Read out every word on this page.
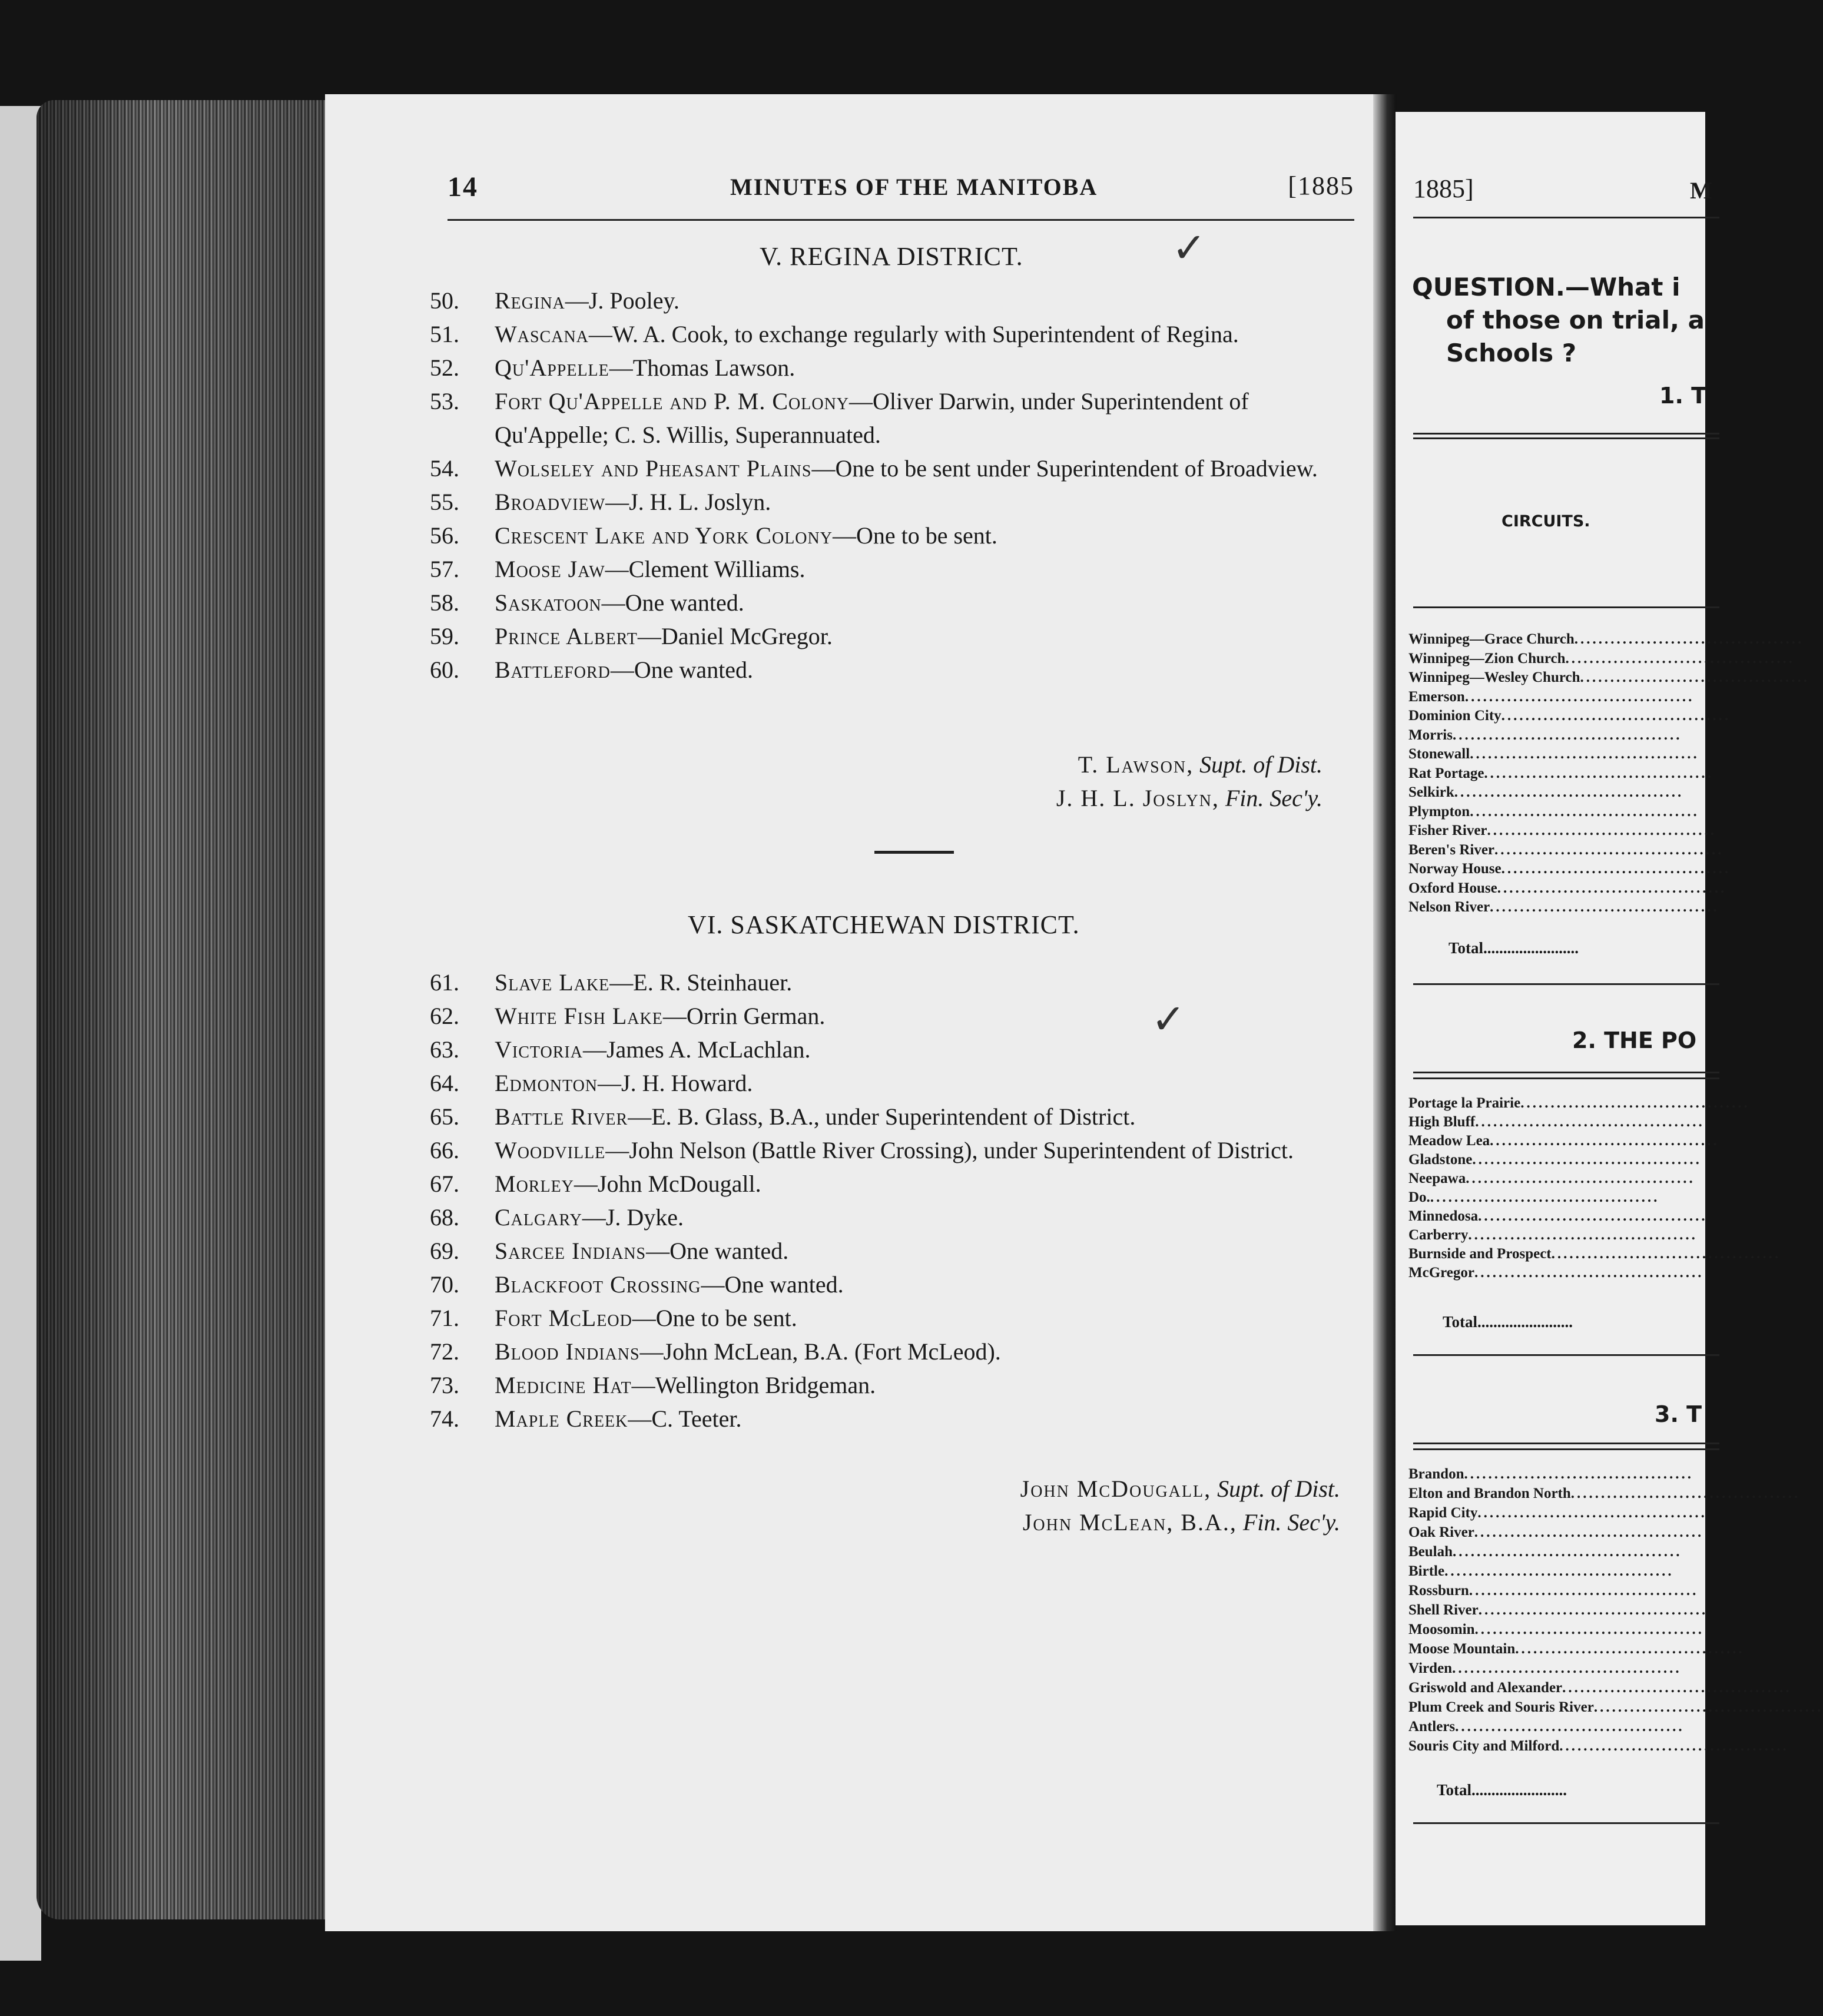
14	MINUTES OF THE MANITOBA	[1885
V. REGINA DISTRICT.	✓
50. Regina—J. Pooley.
51. Wascana—W. A. Cook, to exchange regularly with Superintendent of Regina.
52. Qu'Appelle—Thomas Lawson.
53. Fort Qu'Appelle and P. M. Colony—Oliver Darwin, under Superintendent of Qu'Appelle; C. S. Willis, Superannuated.
54. Wolseley and Pheasant Plains—One to be sent under Superintendent of Broadview.
55. Broadview—J. H. L. Joslyn.
56. Crescent Lake and York Colony—One to be sent.
57. Moose Jaw—Clement Williams.
58. Saskatoon—One wanted.
59. Prince Albert—Daniel McGregor.
60. Battleford—One wanted.
T. Lawson, Supt. of Dist.
J. H. L. Joslyn, Fin. Sec'y.
VI. SASKATCHEWAN DISTRICT.
✓
61. Slave Lake—E. R. Steinhauer.
62. White Fish Lake—Orrin German.
63. Victoria—James A. McLachlan.
64. Edmonton—J. H. Howard.
65. Battle River—E. B. Glass, B.A., under Superintendent of District.
66. Woodville—John Nelson (Battle River Crossing), under Superintendent of District.
67. Morley—John McDougall.
68. Calgary—J. Dyke.
69. Sarcee Indians—One wanted.
70. Blackfoot Crossing—One wanted.
71. Fort McLeod—One to be sent.
72. Blood Indians—John McLean, B.A. (Fort McLeod).
73. Medicine Hat—Wellington Bridgeman.
74. Maple Creek—C. Teeter.
John McDougall, Supt. of Dist.
John McLean, B.A., Fin. Sec'y.
1885]	M
QUESTION.—What i
of those on trial, a
Schools ?
1. T
CIRCUITS.
Winnipeg—Grace Church......................................
Winnipeg—Zion Church......................................
Winnipeg—Wesley Church......................................
Emerson......................................
Dominion City......................................
Morris......................................
Stonewall......................................
Rat Portage......................................
Selkirk......................................
Plympton......................................
Fisher River......................................
Beren's River......................................
Norway House......................................
Oxford House......................................
Nelson River......................................
Total........................
2. THE PO
Portage la Prairie......................................
High Bluff......................................
Meadow Lea......................................
Gladstone......................................
Neepawa......................................
Do.......................................
Minnedosa......................................
Carberry......................................
Burnside and Prospect......................................
McGregor......................................
Total........................
3. T
Brandon......................................
Elton and Brandon North......................................
Rapid City......................................
Oak River......................................
Beulah......................................
Birtle......................................
Rossburn......................................
Shell River......................................
Moosomin......................................
Moose Mountain......................................
Virden......................................
Griswold and Alexander......................................
Plum Creek and Souris River......................................
Antlers......................................
Souris City and Milford......................................
Total........................
